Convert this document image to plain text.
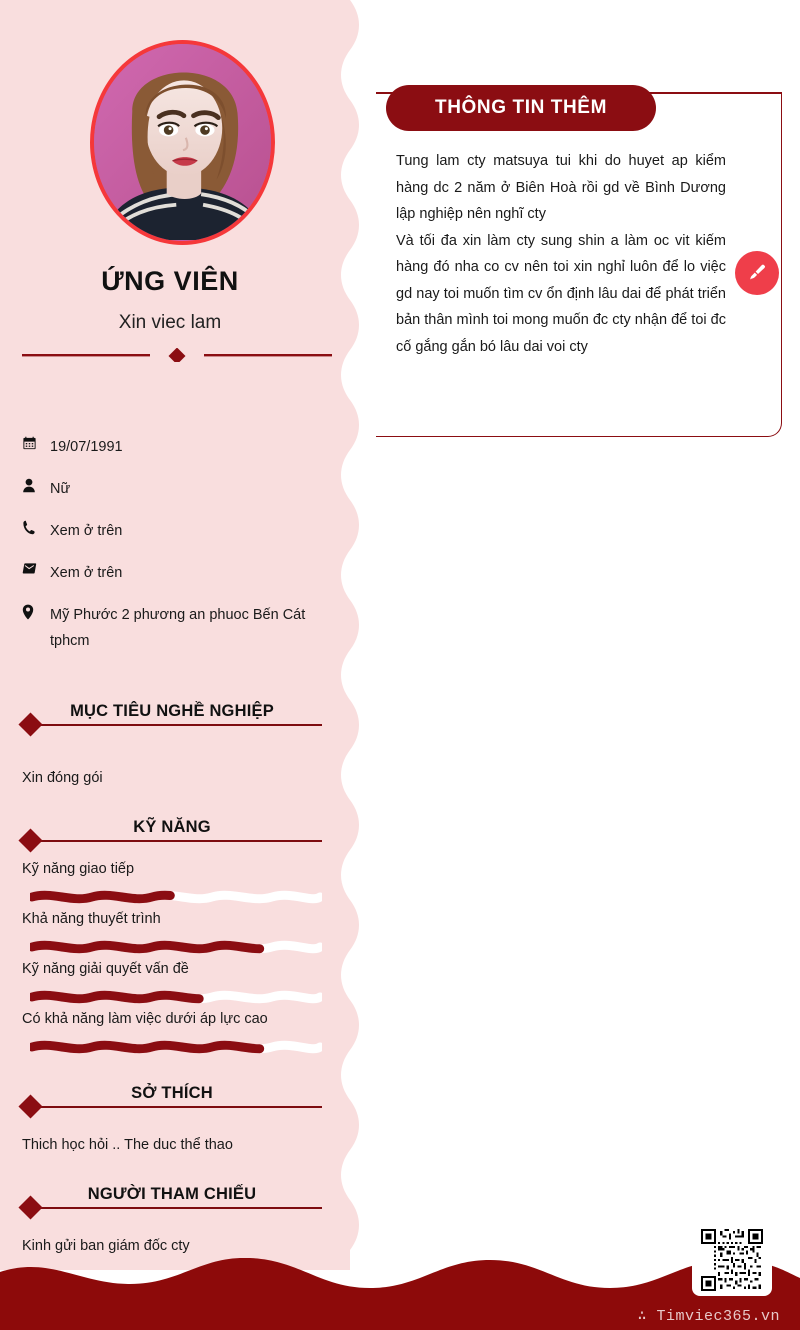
ỨNG VIÊN
Xin viec lam
19/07/1991
Nữ
Xem ở trên
Xem ở trên
Mỹ Phước 2 phương an phuoc Bến Cát tphcm
MỤC TIÊU NGHỀ NGHIỆP
Xin đóng gói
KỸ NĂNG
Kỹ năng giao tiếp
Khả năng thuyết trình
Kỹ năng giải quyết vấn đề
Có khả năng làm việc dưới áp lực cao
SỞ THÍCH
Thich học hỏi .. The duc thể thao
NGƯỜI THAM CHIẾU
Kinh gửi ban giám đốc cty
THÔNG TIN THÊM

Tung lam cty matsuya tui khi do huyet ap kiểm hàng dc 2 năm ở Biên Hoà rồi gd về Bình Dương lập nghiệp nên nghĩ cty

Và tối đa xin làm cty sung shin a làm oc vit kiếm hàng đó nha co cv nên toi xin nghỉ luôn để lo việc gd nay toi muốn tìm cv ổn định lâu dai để phát triển bản thân mình toi mong muốn đc cty nhận để toi đc cố gắng gắn bó lâu dai voi cty

∴ Timviec365.vn
